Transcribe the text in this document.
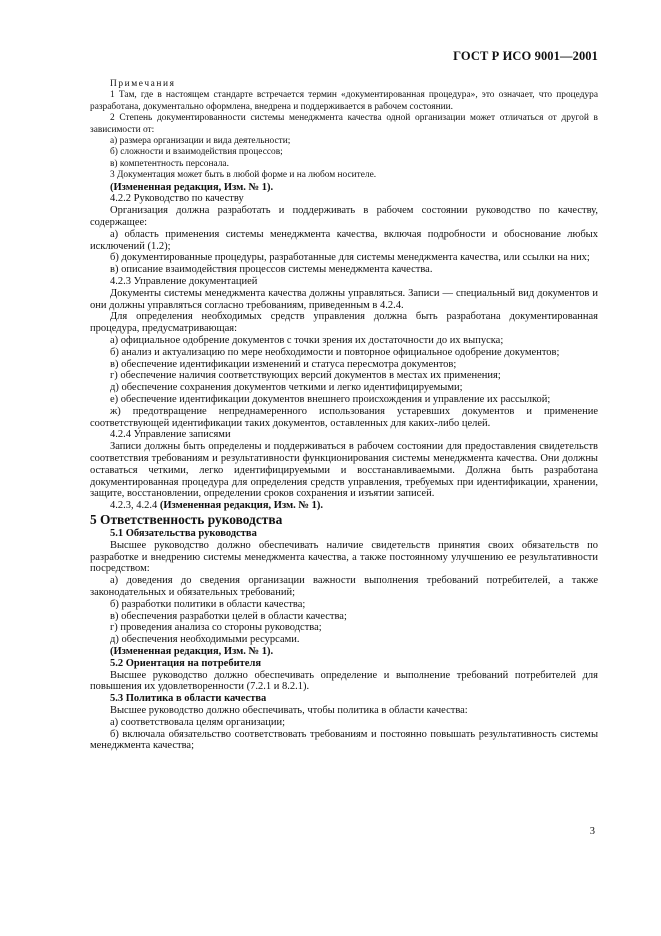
ГОСТ Р ИСО 9001—2001

Примечания

1 Там, где в настоящем стандарте встречается термин «документированная процедура», это означает, что процедура разработана, документально оформлена, внедрена и поддерживается в рабочем состоянии.

2 Степень документированности системы менеджмента качества одной организации может отличаться от другой в зависимости от:

а) размера организации и вида деятельности;

б) сложности и взаимодействия процессов;

в) компетентность персонала.

3 Документация может быть в любой форме и на любом носителе.

(Измененная редакция, Изм. № 1).

4.2.2 Руководство по качеству

Организация должна разработать и поддерживать в рабочем состоянии руководство по качеству, содержащее:

а) область применения системы менеджмента качества, включая подробности и обоснование любых исключений (1.2);

б) документированные процедуры, разработанные для системы менеджмента качества, или ссылки на них;

в) описание взаимодействия процессов системы менеджмента качества.

4.2.3 Управление документацией

Документы системы менеджмента качества должны управляться. Записи — специальный вид документов и они должны управляться согласно требованиям, приведенным в 4.2.4.

Для определения необходимых средств управления должна быть разработана документированная процедура, предусматривающая:

а) официальное одобрение документов с точки зрения их достаточности до их выпуска;

б) анализ и актуализацию по мере необходимости и повторное официальное одобрение документов;

в) обеспечение идентификации изменений и статуса пересмотра документов;

г) обеспечение наличия соответствующих версий документов в местах их применения;

д) обеспечение сохранения документов четкими и легко идентифицируемыми;

е) обеспечение идентификации документов внешнего происхождения и управление их рассылкой;

ж) предотвращение непреднамеренного использования устаревших документов и применение соответствующей идентификации таких документов, оставленных для каких-либо целей.

4.2.4 Управление записями

Записи должны быть определены и поддерживаться в рабочем состоянии для предоставления свидетельств соответствия требованиям и результативности функционирования системы менеджмента качества. Они должны оставаться четкими, легко идентифицируемыми и восстанавливаемыми. Должна быть разработана документированная процедура для определения средств управления, требуемых при идентификации, хранении, защите, восстановлении, определении сроков сохранения и изъятии записей.

4.2.3, 4.2.4 (Измененная редакция, Изм. № 1).

5 Ответственность руководства

5.1 Обязательства руководства

Высшее руководство должно обеспечивать наличие свидетельств принятия своих обязательств по разработке и внедрению системы менеджмента качества, а также постоянному улучшению ее результативности посредством:

а) доведения до сведения организации важности выполнения требований потребителей, а также законодательных и обязательных требований;

б) разработки политики в области качества;

в) обеспечения разработки целей в области качества;

г) проведения анализа со стороны руководства;

д) обеспечения необходимыми ресурсами.

(Измененная редакция, Изм. № 1).

5.2 Ориентация на потребителя

Высшее руководство должно обеспечивать определение и выполнение требований потребителей для повышения их удовлетворенности (7.2.1 и 8.2.1).

5.3 Политика в области качества

Высшее руководство должно обеспечивать, чтобы политика в области качества:

а) соответствовала целям организации;

б) включала обязательство соответствовать требованиям и постоянно повышать результативность системы менеджмента качества;

3
